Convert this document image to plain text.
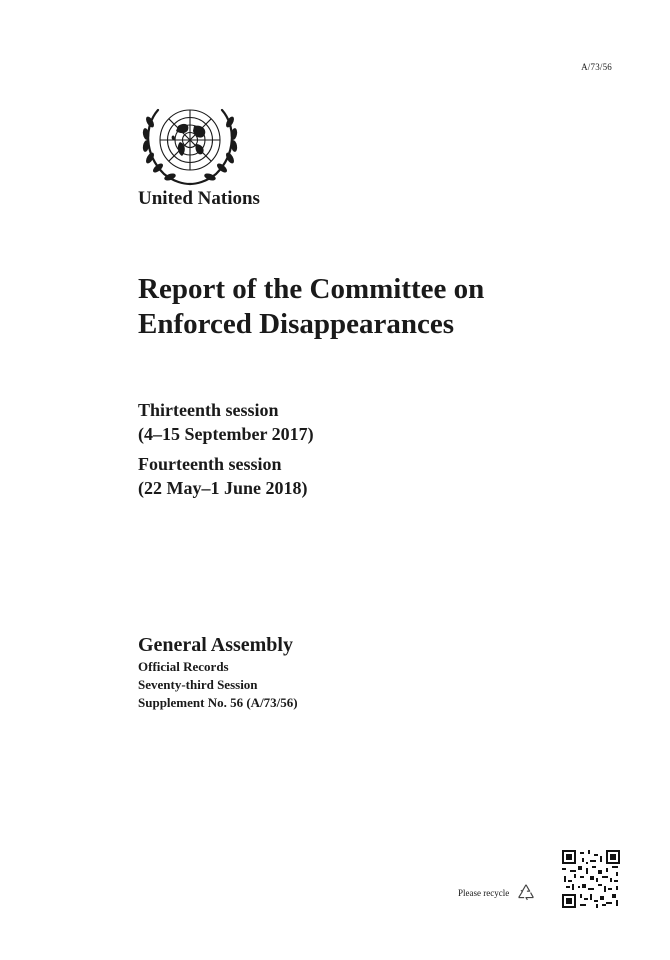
A/73/56
United Nations
Report of the Committee on
Enforced Disappearances
Thirteenth session
(4–15 September 2017)
Fourteenth session
(22 May–1 June 2018)
General Assembly
Official Records
Seventy-third Session
Supplement No. 56 (A/73/56)
Please recycle
